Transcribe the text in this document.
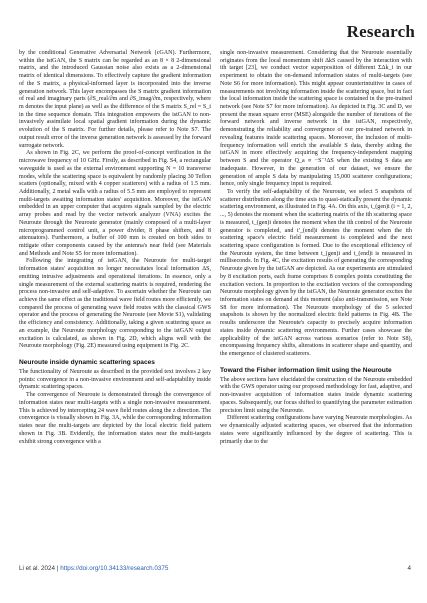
Research

by the conditional Generative Adversarial Network (cGAN). Furthermore, within the istGAN, the S matrix can be regarded as an 8 × 8 2-dimensional matrix, and the introduced Gaussian noise also exists as a 2-dimensional matrix of identical dimensions. To effectively capture the gradient information of the S matrix, a physical-informed layer is incorporated into the inverse generation network. This layer encompasses the S matrix gradient information of real and imaginary parts (∂S_real/∂m and ∂S_imag/∂m, respectively, where m denotes the input plane) as well as the difference of the S matrix S_rel = S_t in the time sequence domain. This integration empowers the istGAN to non-invasively assimilate local spatial gradient information during the dynamic evolution of the S matrix. For further details, please refer to Note S7. The output result error of the inverse generation network is assessed by the forward surrogate network.

As shown in Fig. 2C, we perform the proof-of-concept verification in the microwave frequency of 10 GHz. Firstly, as described in Fig. S4, a rectangular waveguide is used as the external environment supporting N = 10 transverse modes, while the scattering space is equivalent by randomly placing 30 Teflon scatters (optionally, mixed with 4 copper scatterers) with a radius of 1.5 mm. Additionally, 2 metal walls with a radius of 5.5 mm are employed to represent multi-targets awaiting information states' acquisition. Moreover, the istGAN embedded in an upper computer that acquires signals sampled by the electric array probes and read by the vector network analyzer (VNA) excites the Neuroute through the Neuroute generator (mainly composed of a multi-layer microprogrammed control unit, a power divider, 8 phase shifters, and 8 attenuators). Furthermore, a buffer of 100 mm is created on both sides to mitigate other components caused by the antenna's near field (see Materials and Methods and Note S5 for more information).

Following the integrating of istGAN, the Neuroute for multi-target information states' acquisition no longer necessitates local information ΔS, emitting intrusive adjustments and operational iterations. In essence, only a single measurement of the external scattering matrix is required, rendering the process non-invasive and self-adaptive. To ascertain whether the Neuroute can achieve the same effect as the traditional wave field routes more efficiently, we compared the process of generating wave field routes with the classical GWS operator and the process of generating the Neuroute (see Movie S1), validating the efficiency and consistency. Additionally, taking a given scattering space as an example, the Neuroute morphology corresponding to the istGAN output excitation is calculated, as shown in Fig. 2D, which aligns well with the Neuroute morphology (Fig. 2E) measured using equipment in Fig. 2C.

Neuroute inside dynamic scattering spaces

The functionality of Neuroute as described in the provided text involves 2 key points: convergence in a non-invasive environment and self-adaptability inside dynamic scattering spaces.

The convergence of Neuroute is demonstrated through the convergence of information states near multi-targets with a single non-invasive measurement. This is achieved by intercepting 24 wave field routes along the z direction. The convergence is visually shown in Fig. 3A, while the corresponding information states near the multi-targets are depicted by the local electric field pattern shown in Fig. 3B. Evidently, the information states near the multi-targets exhibit strong convergence with a

single non-invasive measurement. Considering that the Neuroute essentially originates from the local momentum shift ΔkS caused by the interaction with ith target [23], we conduct vector superposition of different ΣΔk_i in our experiment to obtain the on-demand information states of multi-targets (see Note S6 for more information). This might appear counterintuitive in cases of measurements not involving information inside the scattering space, but in fact the local information inside the scattering space is contained in the pre-trained network (see Note S7 for more information). As depicted in Fig. 3C and D, we present the mean square error (MSE) alongside the number of iterations of the forward network and inverse network in the istGAN, respectively, demonstrating the reliability and convergence of our pre-trained network in revealing features inside scattering spaces. Moreover, the inclusion of multi-frequency information will enrich the available S data, thereby aiding the istGAN in more effectively acquiring the frequency-independent mapping between S and the operator Q_a ∝ −S⁻¹ΔS when the existing S data are inadequate. However, in the generation of our dataset, we ensure the generation of ample S data by manipulating 15,000 scatterer configurations; hence, only single frequency input is required.

To verify the self-adaptability of the Neuroute, we select 5 snapshots of scatterer distribution along the time axis to quasi-statically present the dynamic scattering environment, as illustrated in Fig. 4A. On this axis, t_(gen)i (i = 1, 2, ..., 5) denotes the moment when the scattering matrix of the ith scattering space is measured, t_(gen)i denotes the moment when the ith control of the Neuroute generator is completed, and t'_(end)i denotes the moment when the ith scattering space's electric field measurement is completed and the next scattering space configuration is formed. Due to the exceptional efficiency of the Neuroute system, the time between t_(gen)i and t_(end)i is measured in milliseconds. In Fig. 4C, the excitation results of generating the corresponding Neuroute given by the istGAN are depicted. As our experiments are stimulated by 8 excitation ports, each frame comprises 8 complex points constituting the excitation vectors. In proportion to the excitation vectors of the corresponding Neuroute morphology given by the istGAN, the Neuroute generator excites the information states on demand at this moment (also anti-transmission, see Note S8 for more information). The Neuroute morphology of the 5 selected snapshots is shown by the normalized electric field patterns in Fig. 4B. The results underscore the Neuroute's capacity to precisely acquire information states inside dynamic scattering environments. Further cases showcase the applicability of the istGAN across various scenarios (refer to Note S8), encompassing frequency shifts, alterations in scatterer shape and quantity, and the emergence of clustered scatterers.

Toward the Fisher information limit using the Neuroute

The above sections have elucidated the construction of the Neuroute embedded with the GWS operator using our proposed methodology for fast, adaptive, and non-invasive acquisition of information states inside dynamic scattering spaces. Subsequently, our focus shifted to quantifying the parameter estimation precision limit using the Neuroute.

Different scattering configurations have varying Neuroute morphologies. As we dynamically adjusted scattering spaces, we observed that the information states were significantly influenced by the degree of scattering. This is primarily due to the

Li et al. 2024 | https://doi.org/10.34133/research.0375	4
